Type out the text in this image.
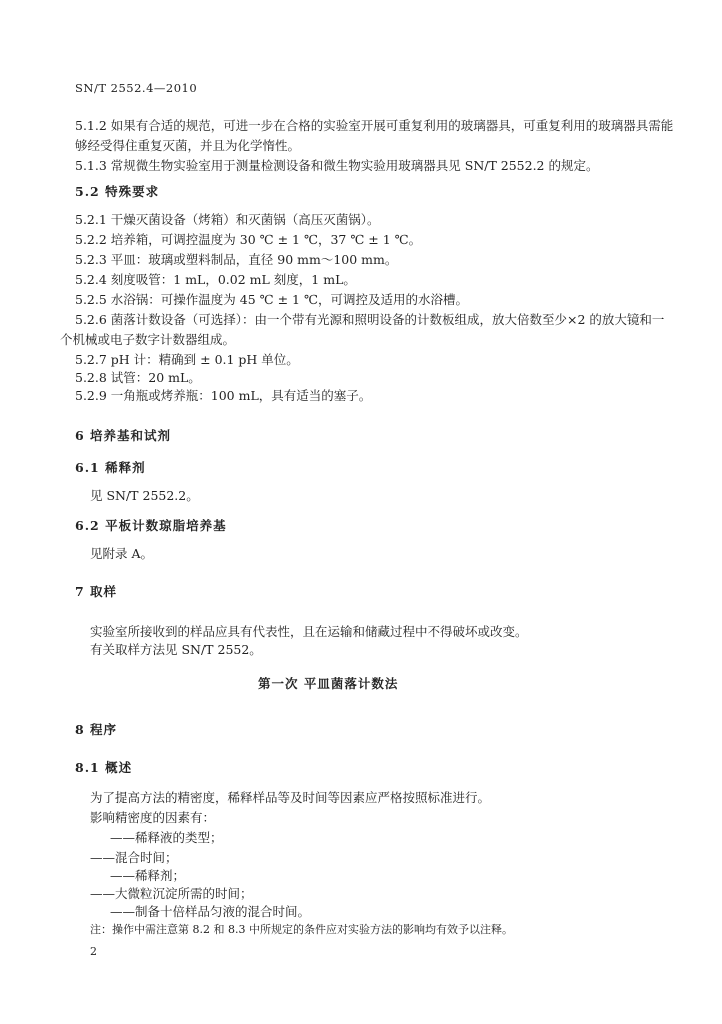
SN/T 2552.4—2010
5.1.2 如果有合适的规范，可进一步在合格的实验室开展可重复利用的玻璃器具，可重复利用的玻璃器具需能
够经受得住重复灭菌，并且为化学惰性。
5.1.3 常规微生物实验室用于测量检测设备和微生物实验用玻璃器具见 SN/T 2552.2 的规定。
5.2 特殊要求
5.2.1 干燥灭菌设备（烤箱）和灭菌锅（高压灭菌锅）。
5.2.2 培养箱，可调控温度为 30 ℃ ± 1 ℃，37 ℃ ± 1 ℃。
5.2.3 平皿：玻璃或塑料制品，直径 90 mm～100 mm。
5.2.4 刻度吸管：1 mL，0.02 mL 刻度，1 mL。
5.2.5 水浴锅：可操作温度为 45 ℃ ± 1 ℃，可调控及适用的水浴槽。
5.2.6 菌落计数设备（可选择）：由一个带有光源和照明设备的计数板组成，放大倍数至少×2 的放大镜和一
个机械或电子数字计数器组成。
5.2.7 pH 计：精确到 ± 0.1 pH 单位。
5.2.8 试管：20 mL。
5.2.9 一角瓶或烤养瓶：100 mL，具有适当的塞子。
6 培养基和试剂
6.1 稀释剂
见 SN/T 2552.2。
6.2 平板计数琼脂培养基
见附录 A。
7 取样
实验室所接收到的样品应具有代表性，且在运输和储藏过程中不得破坏或改变。
有关取样方法见 SN/T 2552。
第一次 平皿菌落计数法
8 程序
8.1 概述
为了提高方法的精密度，稀释样品等及时间等因素应严格按照标准进行。
影响精密度的因素有：
——稀释液的类型；
——混合时间；
——稀释剂；
——大微粒沉淀所需的时间；
——制备十倍样品匀液的混合时间。
注：操作中需注意第 8.2 和 8.3 中所规定的条件应对实验方法的影响均有效予以注释。
2
